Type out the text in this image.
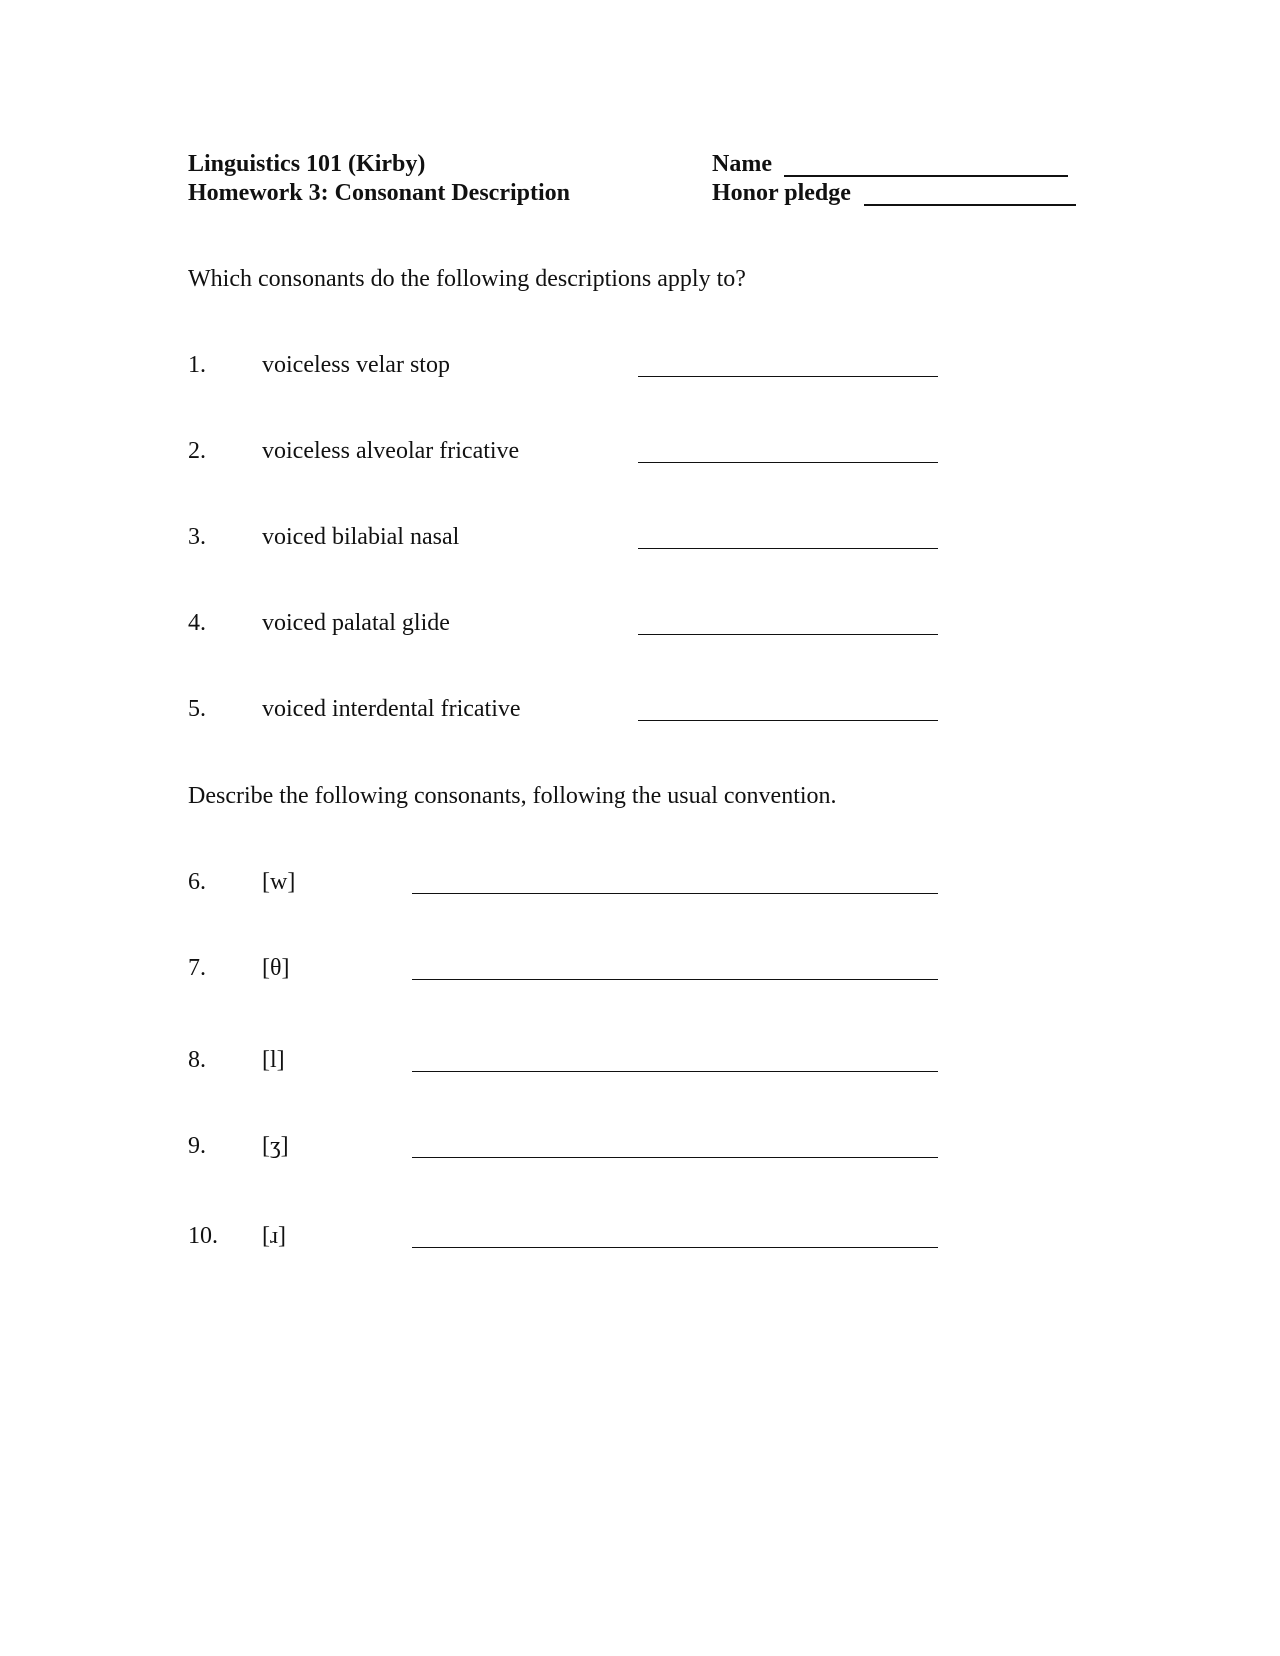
Linguistics 101 (Kirby)
Homework 3: Consonant Description
Name
Honor pledge
Which consonants do the following descriptions apply to?
1. voiceless velar stop
2. voiceless alveolar fricative
3. voiced bilabial nasal
4. voiced palatal glide
5. voiced interdental fricative
Describe the following consonants, following the usual convention.
6. [w]
7. [θ]
8. [l]
9. [ʒ]
10. [ɹ]
